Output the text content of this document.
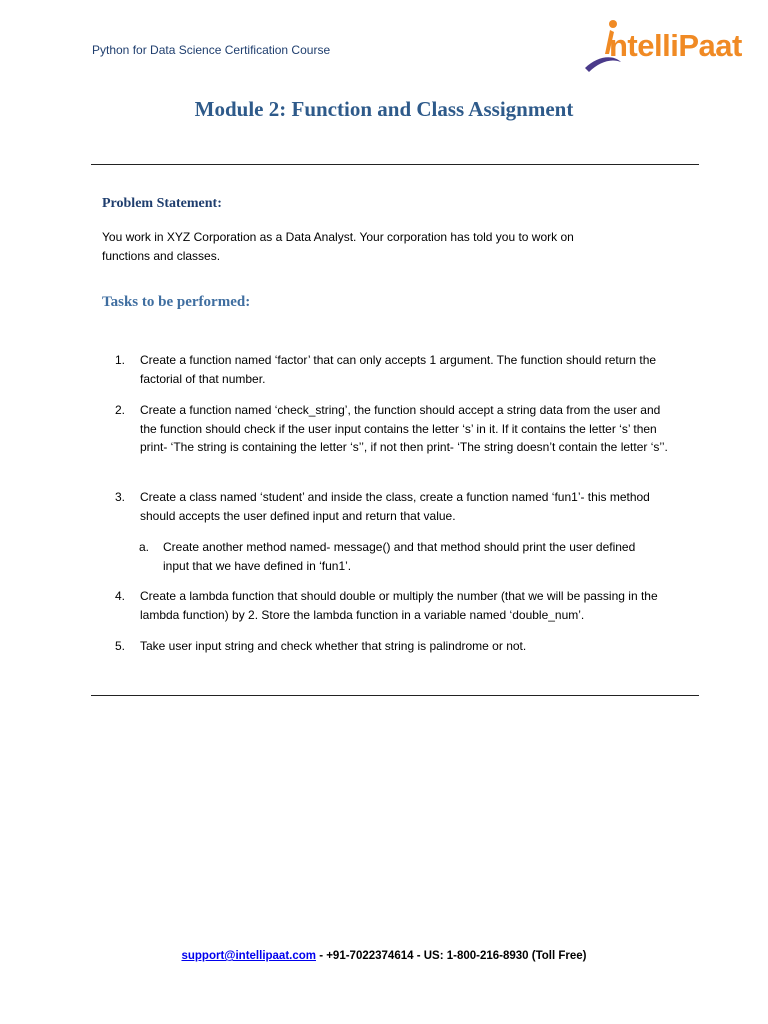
Python for Data Science Certification Course	ntelliPaat
Module 2: Function and Class Assignment
Problem Statement:
You work in XYZ Corporation as a Data Analyst. Your corporation has told you to work on functions and classes.
Tasks to be performed:
1.	Create a function named ‘factor’ that can only accepts 1 argument. The function should return the factorial of that number.
2.	Create a function named ‘check_string’, the function should accept a string data from the user and the function should check if the user input contains the letter ‘s’ in it. If it contains the letter ‘s’ then print- ‘The string is containing the letter ‘s’’, if not then print- ‘The string doesn’t contain the letter ‘s’’.
3.	Create a class named ‘student’ and inside the class, create a function named ‘fun1’- this method should accepts the user defined input and return that value.
a. Create another method named- message() and that method should print the user defined input that we have defined in ‘fun1’.
4.	Create a lambda function that should double or multiply the number (that we will be passing in the lambda function) by 2. Store the lambda function in a variable named ‘double_num’.
5.	Take user input string and check whether that string is palindrome or not.
support@intellipaat.com - +91-7022374614 - US: 1-800-216-8930 (Toll Free)
